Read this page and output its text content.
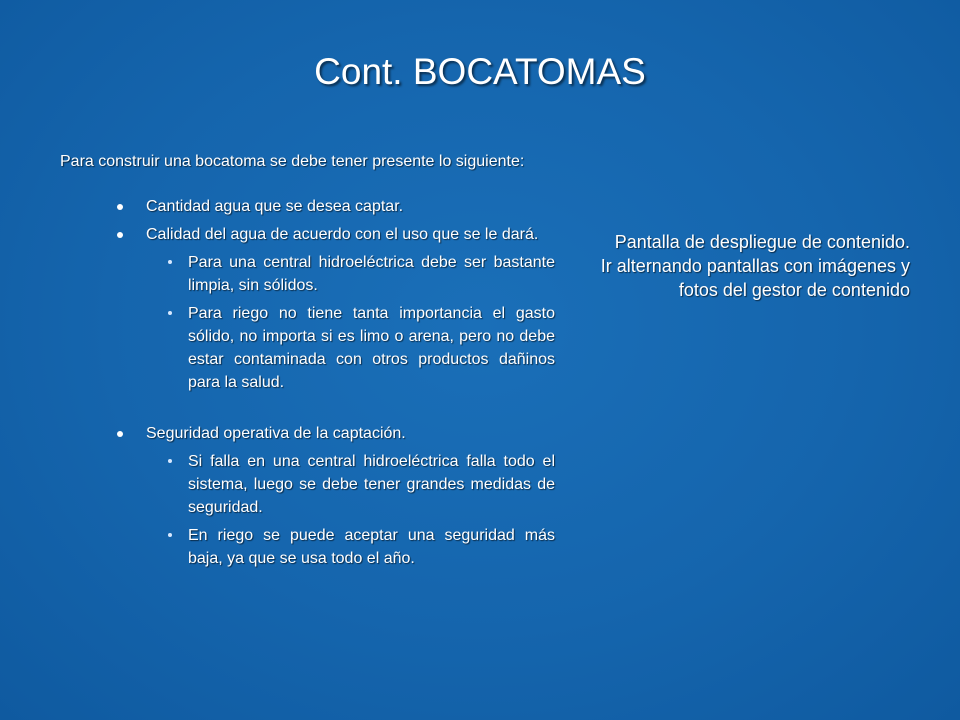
Cont. BOCATOMAS

Para construir una bocatoma se debe tener presente lo siguiente:

Cantidad agua que se desea captar.
Calidad del agua de acuerdo con el uso que se le dará.
Para una central hidroeléctrica debe ser bastante limpia, sin sólidos.
Para riego no tiene tanta importancia el gasto sólido, no importa si es limo o arena, pero no debe estar contaminada con otros productos dañinos para la salud.
Seguridad operativa de la captación.
Si falla en una central hidroeléctrica falla todo el sistema, luego se debe tener grandes medidas de seguridad.
En riego se puede aceptar una seguridad más baja, ya que se usa todo el año.
Pantalla de despliegue de contenido. Ir alternando pantallas con imágenes y fotos del gestor de contenido
